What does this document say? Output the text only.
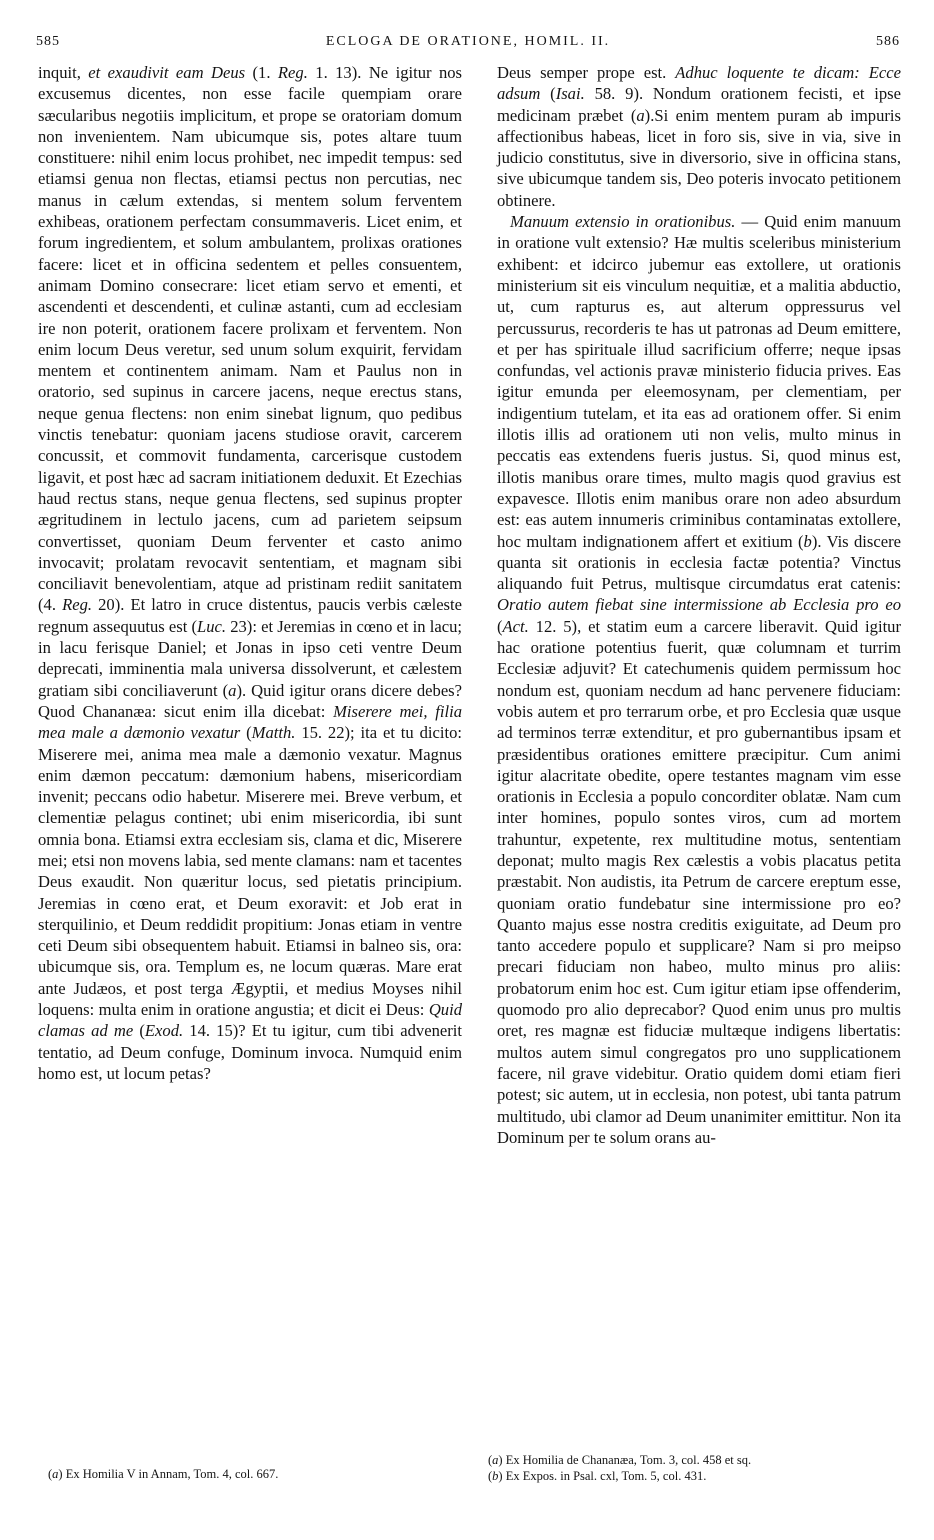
585	ECLOGA DE ORATIONE, HOMIL. II.	586

inquit, et exaudivit eam Deus (1. Reg. 1. 13). Ne igitur nos excusemus dicentes, non esse facile quempiam orare sæcularibus negotiis implicitum, et prope se oratoriam domum non invenientem. Nam ubicumque sis, potes altare tuum constituere: nihil enim locus prohibet, nec impedit tempus: sed etiamsi genua non flectas, etiamsi pectus non percutias, nec manus in cælum extendas, si mentem solum ferventem exhibeas, orationem perfectam consummaveris. Licet enim, et forum ingredientem, et solum ambulantem, prolixas orationes facere: licet et in officina sedentem et pelles consuentem, animam Domino consecrare: licet etiam servo et ementi, et ascendenti et descendenti, et culinæ astanti, cum ad ecclesiam ire non poterit, orationem facere prolixam et ferventem. Non enim locum Deus veretur, sed unum solum exquirit, fervidam mentem et continentem animam. Nam et Paulus non in oratorio, sed supinus in carcere jacens, neque erectus stans, neque genua flectens: non enim sinebat lignum, quo pedibus vinctis tenebatur: quoniam jacens studiose oravit, carcerem concussit, et commovit fundamenta, carcerisque custodem ligavit, et post hæc ad sacram initiationem deduxit. Et Ezechias haud rectus stans, neque genua flectens, sed supinus propter ægritudinem in lectulo jacens, cum ad parietem seipsum convertisset, quoniam Deum ferventer et casto animo invocavit; prolatam revocavit sententiam, et magnam sibi conciliavit benevolentiam, atque ad pristinam rediit sanitatem (4. Reg. 20). Et latro in cruce distentus, paucis verbis cæleste regnum assequutus est (Luc. 23): et Jeremias in cœno et in lacu; in lacu ferisque Daniel; et Jonas in ipso ceti ventre Deum deprecati, imminentia mala universa dissolverunt, et cælestem gratiam sibi conciliaverunt (a). Quid igitur orans dicere debes? Quod Chananæa: sicut enim illa dicebat: Miserere mei, filia mea male a dæmonio vexatur (Matth. 15. 22); ita et tu dicito: Miserere mei, anima mea male a dæmonio vexatur. Magnus enim dæmon peccatum: dæmonium habens, misericordiam invenit; peccans odio habetur. Miserere mei. Breve verbum, et clementiæ pelagus continet; ubi enim misericordia, ibi sunt omnia bona. Etiamsi extra ecclesiam sis, clama et dic, Miserere mei; etsi non movens labia, sed mente clamans: nam et tacentes Deus exaudit. Non quæritur locus, sed pietatis principium. Jeremias in cœno erat, et Deum exoravit: et Job erat in sterquilinio, et Deum reddidit propitium: Jonas etiam in ventre ceti Deum sibi obsequentem habuit. Etiamsi in balneo sis, ora: ubicumque sis, ora. Templum es, ne locum quæras. Mare erat ante Judæos, et post terga Ægyptii, et medius Moyses nihil loquens: multa enim in oratione angustia; et dicit ei Deus: Quid clamas ad me (Exod. 14. 15)? Et tu igitur, cum tibi advenerit tentatio, ad Deum confuge, Dominum invoca. Numquid enim homo est, ut locum petas?

Deus semper prope est. Adhuc loquente te dicam: Ecce adsum (Isai. 58. 9). Nondum orationem fecisti, et ipse medicinam præbet (a).Si enim mentem puram ab impuris affectionibus habeas, licet in foro sis, sive in via, sive in judicio constitutus, sive in diversorio, sive in officina stans, sive ubicumque tandem sis, Deo poteris invocato petitionem obtinere.

Manuum extensio in orationibus. — Quid enim manuum in oratione vult extensio? Hæ multis sceleribus ministerium exhibent: et idcirco jubemur eas extollere, ut orationis ministerium sit eis vinculum nequitiæ, et a malitia abductio, ut, cum rapturus es, aut alterum oppressurus vel percussurus, recorderis te has ut patronas ad Deum emittere, et per has spirituale illud sacrificium offerre; neque ipsas confundas, vel actionis pravæ ministerio fiducia prives. Eas igitur emunda per eleemosynam, per clementiam, per indigentium tutelam, et ita eas ad orationem offer. Si enim illotis illis ad orationem uti non velis, multo minus in peccatis eas extendens fueris justus. Si, quod minus est, illotis manibus orare times, multo magis quod gravius est expavesce. Illotis enim manibus orare non adeo absurdum est: eas autem innumeris criminibus contaminatas extollere, hoc multam indignationem affert et exitium (b). Vis discere quanta sit orationis in ecclesia factæ potentia? Vinctus aliquando fuit Petrus, multisque circumdatus erat catenis: Oratio autem fiebat sine intermissione ab Ecclesia pro eo (Act. 12. 5), et statim eum a carcere liberavit. Quid igitur hac oratione potentius fuerit, quæ columnam et turrim Ecclesiæ adjuvit? Et catechumenis quidem permissum hoc nondum est, quoniam necdum ad hanc pervenere fiduciam: vobis autem et pro terrarum orbe, et pro Ecclesia quæ usque ad terminos terræ extenditur, et pro gubernantibus ipsam et præsidentibus orationes emittere præcipitur. Cum animi igitur alacritate obedite, opere testantes magnam vim esse orationis in Ecclesia a populo concorditer oblatæ. Nam cum inter homines, populo sontes viros, cum ad mortem trahuntur, expetente, rex multitudine motus, sententiam deponat; multo magis Rex cælestis a vobis placatus petita præstabit. Non audistis, ita Petrum de carcere ereptum esse, quoniam oratio fundebatur sine intermissione pro eo? Quanto majus esse nostra creditis exiguitate, ad Deum pro tanto accedere populo et supplicare? Nam si pro meipso precari fiduciam non habeo, multo minus pro aliis: probatorum enim hoc est. Cum igitur etiam ipse offenderim, quomodo pro alio deprecabor? Quod enim unus pro multis oret, res magnæ est fiduciæ multæque indigens libertatis: multos autem simul congregatos pro uno supplicationem facere, nil grave videbitur. Oratio quidem domi etiam fieri potest; sic autem, ut in ecclesia, non potest, ubi tanta patrum multitudo, ubi clamor ad Deum unanimiter emittitur. Non ita Dominum per te solum orans au-

(a) Ex Homilia V in Annam, Tom. 4, col. 667.
(a) Ex Homilia de Chananæa, Tom. 3, col. 458 et sq.
(b) Ex Expos. in Psal. cxl, Tom. 5, col. 431.
